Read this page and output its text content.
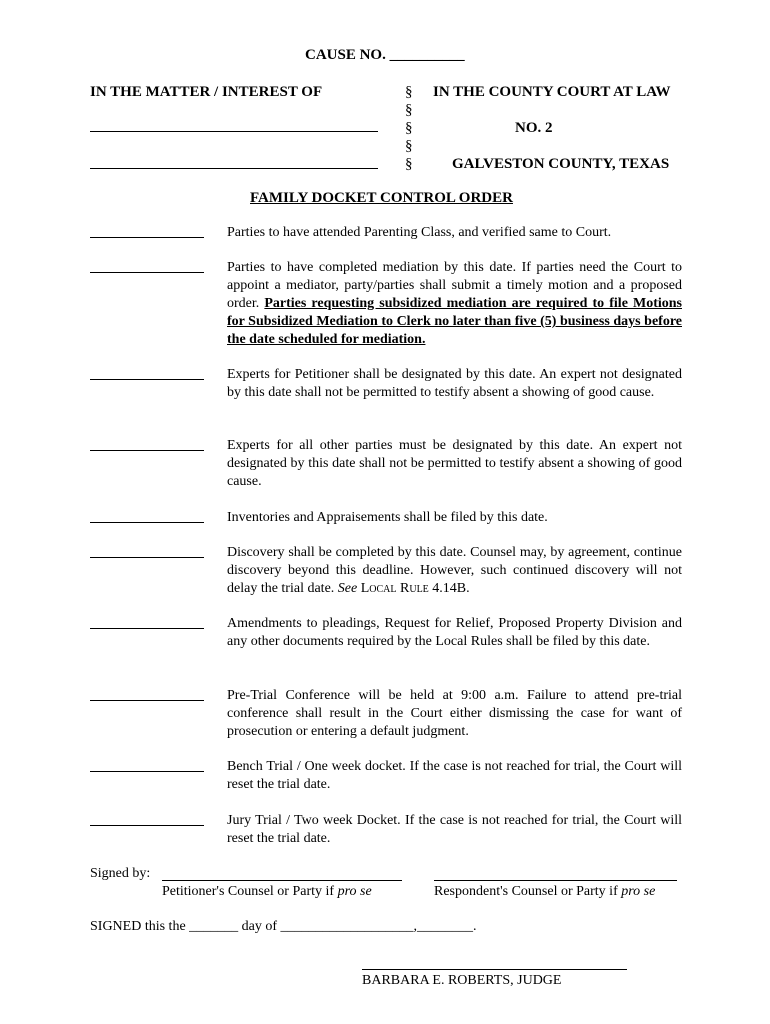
CAUSE NO. __________
IN THE MATTER / INTEREST OF	§
§
§
§
§
IN THE COUNTY COURT AT LAW
NO. 2
GALVESTON COUNTY, TEXAS
FAMILY DOCKET CONTROL ORDER
Parties to have attended Parenting Class, and verified same to Court.
Parties to have completed mediation by this date. If parties need the Court to appoint a mediator, party/parties shall submit a timely motion and a proposed order. Parties requesting subsidized mediation are required to file Motions for Subsidized Mediation to Clerk no later than five (5) business days before the date scheduled for mediation.
Experts for Petitioner shall be designated by this date. An expert not designated by this date shall not be permitted to testify absent a showing of good cause.
Experts for all other parties must be designated by this date. An expert not designated by this date shall not be permitted to testify absent a showing of good cause.
Inventories and Appraisements shall be filed by this date.
Discovery shall be completed by this date. Counsel may, by agreement, continue discovery beyond this deadline. However, such continued discovery will not delay the trial date. See Local Rule 4.14B.
Amendments to pleadings, Request for Relief, Proposed Property Division and any other documents required by the Local Rules shall be filed by this date.
Pre-Trial Conference will be held at 9:00 a.m. Failure to attend pre-trial conference shall result in the Court either dismissing the case for want of prosecution or entering a default judgment.
Bench Trial / One week docket. If the case is not reached for trial, the Court will reset the trial date.
Jury Trial / Two week Docket. If the case is not reached for trial, the Court will reset the trial date.
Signed by:
Petitioner's Counsel or Party if pro se	Respondent's Counsel or Party if pro se
SIGNED this the _______ day of ___________________,________.
BARBARA E. ROBERTS, JUDGE
